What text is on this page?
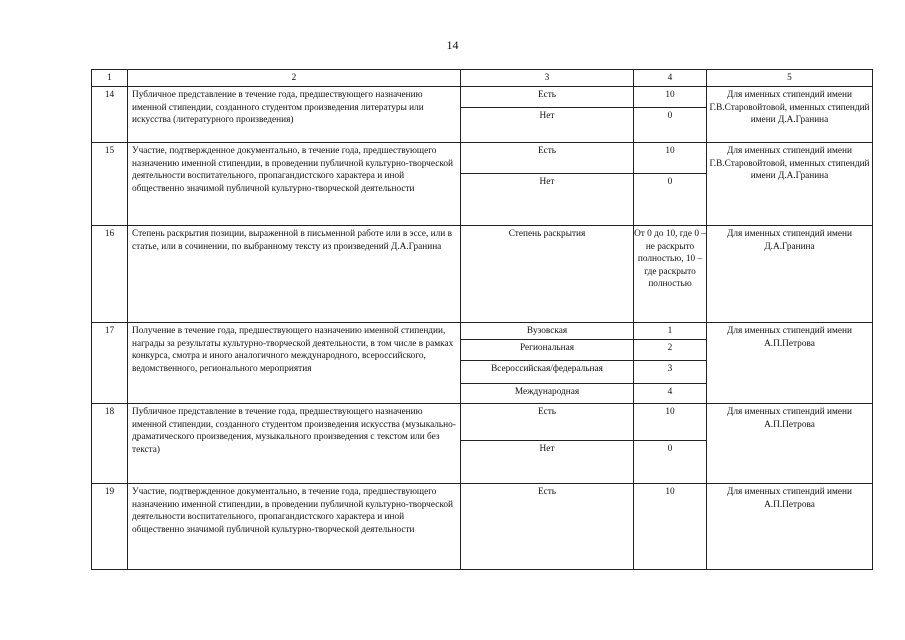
14
1	2	3	4	5
14	Публичное представление в течение года, предшествующего назначению именной стипендии, созданного студентом произведения литературы или искусства (литературного произведения)	Есть	10	Для именных стипендий имени Г.В.Старовойтовой, именных стипендий имени Д.А.Гранина
		Нет	0	
15	Участие, подтвержденное документально, в течение года, предшествующего назначению именной стипендии, в проведении публичной культурно-творческой деятельности воспитательного, пропагандистского характера и иной общественно значимой публичной культурно-творческой деятельности	Есть	10	Для именных стипендий имени Г.В.Старовойтовой, именных стипендий имени Д.А.Гранина
		Нет	0	
16	Степень раскрытия позиции, выраженной в письменной работе или в эссе, или в статье, или в сочинении, по выбранному тексту из произведений Д.А.Гранина	Степень раскрытия	От 0 до 10, где 0 – не раскрыто полностью, 10 – где раскрыто полностью	Для именных стипендий имени Д.А.Гранина
17	Получение в течение года, предшествующего назначению именной стипендии, награды за результаты культурно-творческой деятельности, в том числе в рамках конкурса, смотра и иного аналогичного международного, всероссийского, ведомственного, регионального мероприятия	Вузовская	1	Для именных стипендий имени А.П.Петрова
		Региональная	2	
		Всероссийская/федеральная	3	
		Международная	4	
18	Публичное представление в течение года, предшествующего назначению именной стипендии, созданного студентом произведения искусства (музыкально-драматического произведения, музыкального произведения с текстом или без текста)	Есть	10	Для именных стипендий имени А.П.Петрова
		Нет	0	
19	Участие, подтвержденное документально, в течение года, предшествующего назначению именной стипендии, в проведении публичной культурно-творческой деятельности воспитательного, пропагандистского характера и иной общественно значимой публичной культурно-творческой деятельности	Есть	10	Для именных стипендий имени А.П.Петрова
